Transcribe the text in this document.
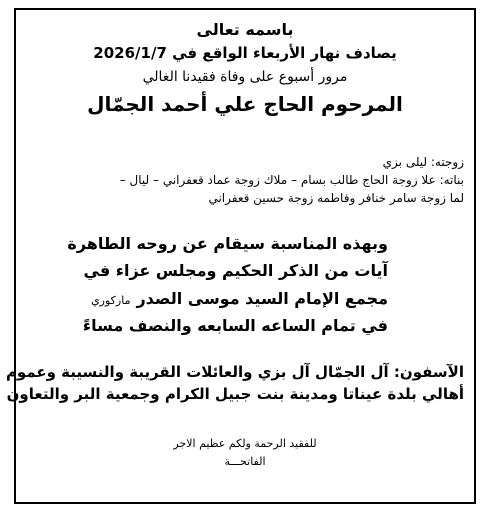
باسمه تعالى
يصادف نهار الأربعاء الواقع في 2026/1/7
مرور أسبوع على وفاة فقيدنا الغالي
المرحوم الحاج علي أحمد الجمّال
زوجته: ليلى بزي
بناته: علا زوجة الحاج طالب بسام – ملاك زوجة عماد قعفراني – ليال –
لما زوجة سامر خنافر وفاطمه زوجة حسين قعفراني
وبهذه المناسبة سيقام عن روحه الطاهرة
آيات من الذكر الحكيم ومجلس عزاء في
مجمع الإمام السيد موسى الصدرماركوري
في تمام الساعه السابعه والنصف مساءً
الآسفون: آل الجمّال آل بزي والعائلات القريبة والنسيبة وعموم
أهالي بلدة عيناتا ومدينة بنت جبيل الكرام وجمعية البر والتعاون
للفقيد الرحمة ولكم عظيم الاجر
الفاتحـــة
